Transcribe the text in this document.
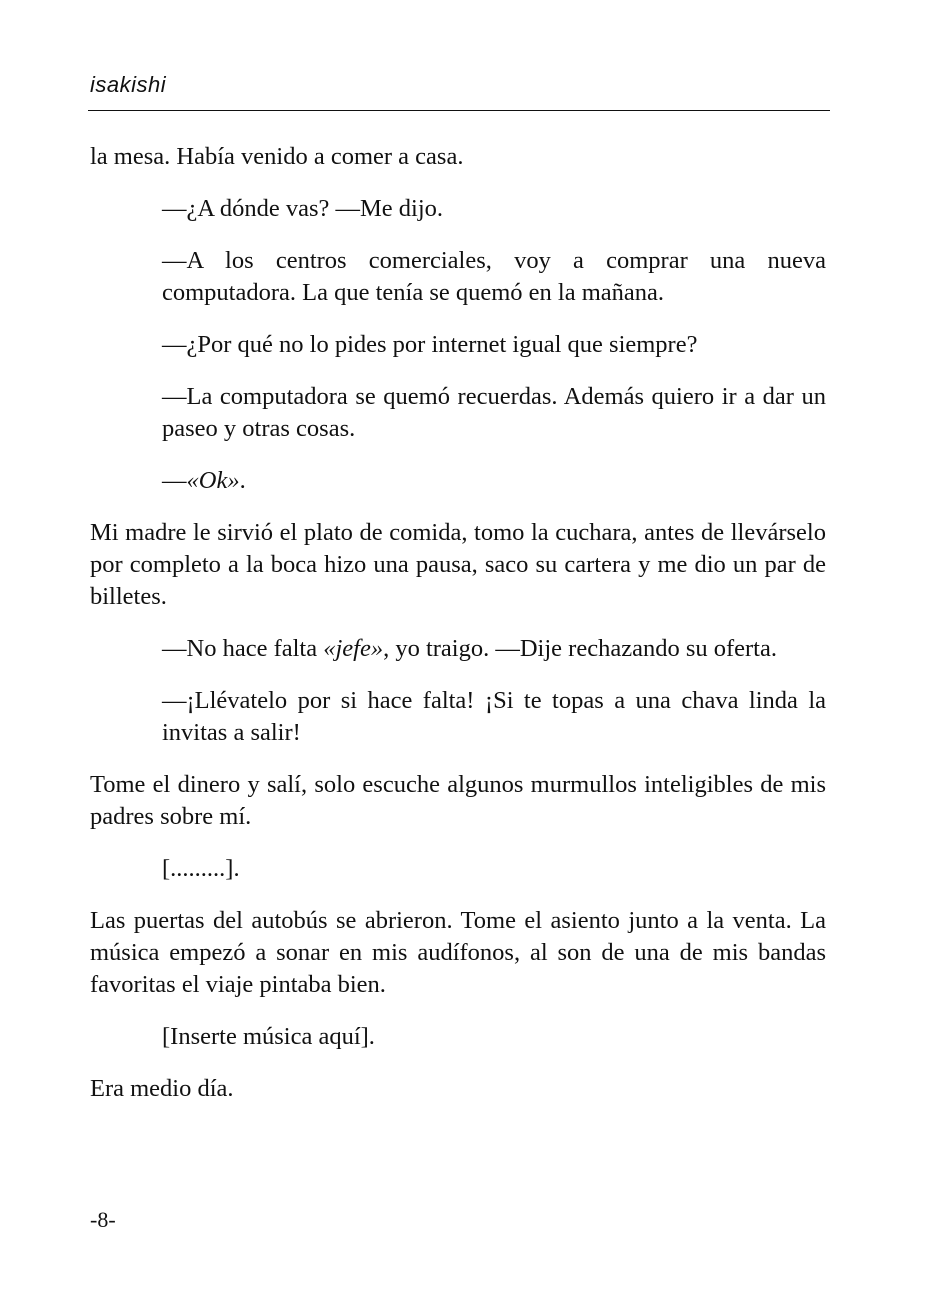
isakishi

la mesa. Había venido a comer a casa.

—¿A dónde vas? —Me dijo.

—A los centros comerciales, voy a comprar una nueva computadora. La que tenía se quemó en la mañana.

—¿Por qué no lo pides por internet igual que siempre?

—La computadora se quemó recuerdas. Además quiero ir a dar un paseo y otras cosas.

—«Ok».

Mi madre le sirvió el plato de comida, tomo la cuchara, antes de llevárselo por completo a la boca hizo una pausa, saco su cartera y me dio un par de billetes.

—No hace falta «jefe», yo traigo. —Dije rechazando su oferta.

—¡Llévatelo por si hace falta! ¡Si te topas a una chava linda la invitas a salir!

Tome el dinero y salí, solo escuche algunos murmullos inteligibles de mis padres sobre mí.

[.........].

Las puertas del autobús se abrieron. Tome el asiento junto a la venta. La música empezó a sonar en mis audífonos, al son de una de mis bandas favoritas el viaje pintaba bien.

[Inserte música aquí].

Era medio día.

-8-
